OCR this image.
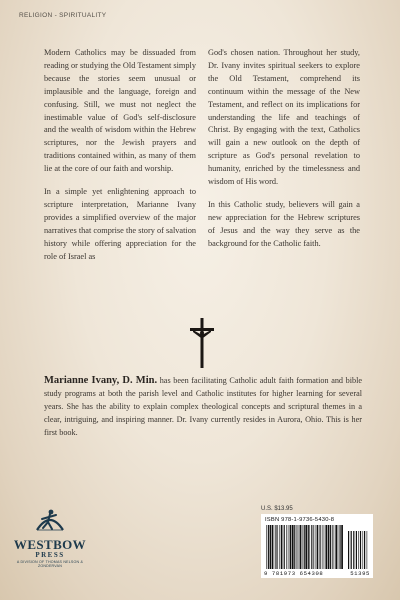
RELIGION - SPIRITUALITY

Modern Catholics may be dissuaded from reading or studying the Old Testament simply because the stories seem unusual or implausible and the language, foreign and confusing. Still, we must not neglect the inestimable value of God's self-disclosure and the wealth of wisdom within the Hebrew scriptures, nor the Jewish prayers and traditions contained within, as many of them lie at the core of our faith and worship.

In a simple yet enlightening approach to scripture interpretation, Marianne Ivany provides a simplified overview of the major narratives that comprise the story of salvation history while offering appreciation for the role of Israel as

God's chosen nation. Throughout her study, Dr. Ivany invites spiritual seekers to explore the Old Testament, comprehend its continuum within the message of the New Testament, and reflect on its implications for understanding the life and teachings of Christ. By engaging with the text, Catholics will gain a new outlook on the depth of scripture as God's personal revelation to humanity, enriched by the timelessness and wisdom of His word.

In this Catholic study, believers will gain a new appreciation for the Hebrew scriptures of Jesus and the way they serve as the background for the Catholic faith.

Marianne Ivany, D. Min. has been facilitating Catholic adult faith formation and bible study programs at both the parish level and Catholic institutes for higher learning for several years. She has the ability to explain complex theological concepts and scriptural themes in a clear, intriguing, and inspiring manner. Dr. Ivany currently resides in Aurora, Ohio. This is her first book.
U.S. $13.95
ISBN 978-1-9736-5430-8
9 781973 654308	51395
WESTBOW
PRESS
A DIVISION OF THOMAS NELSON & ZONDERVAN
